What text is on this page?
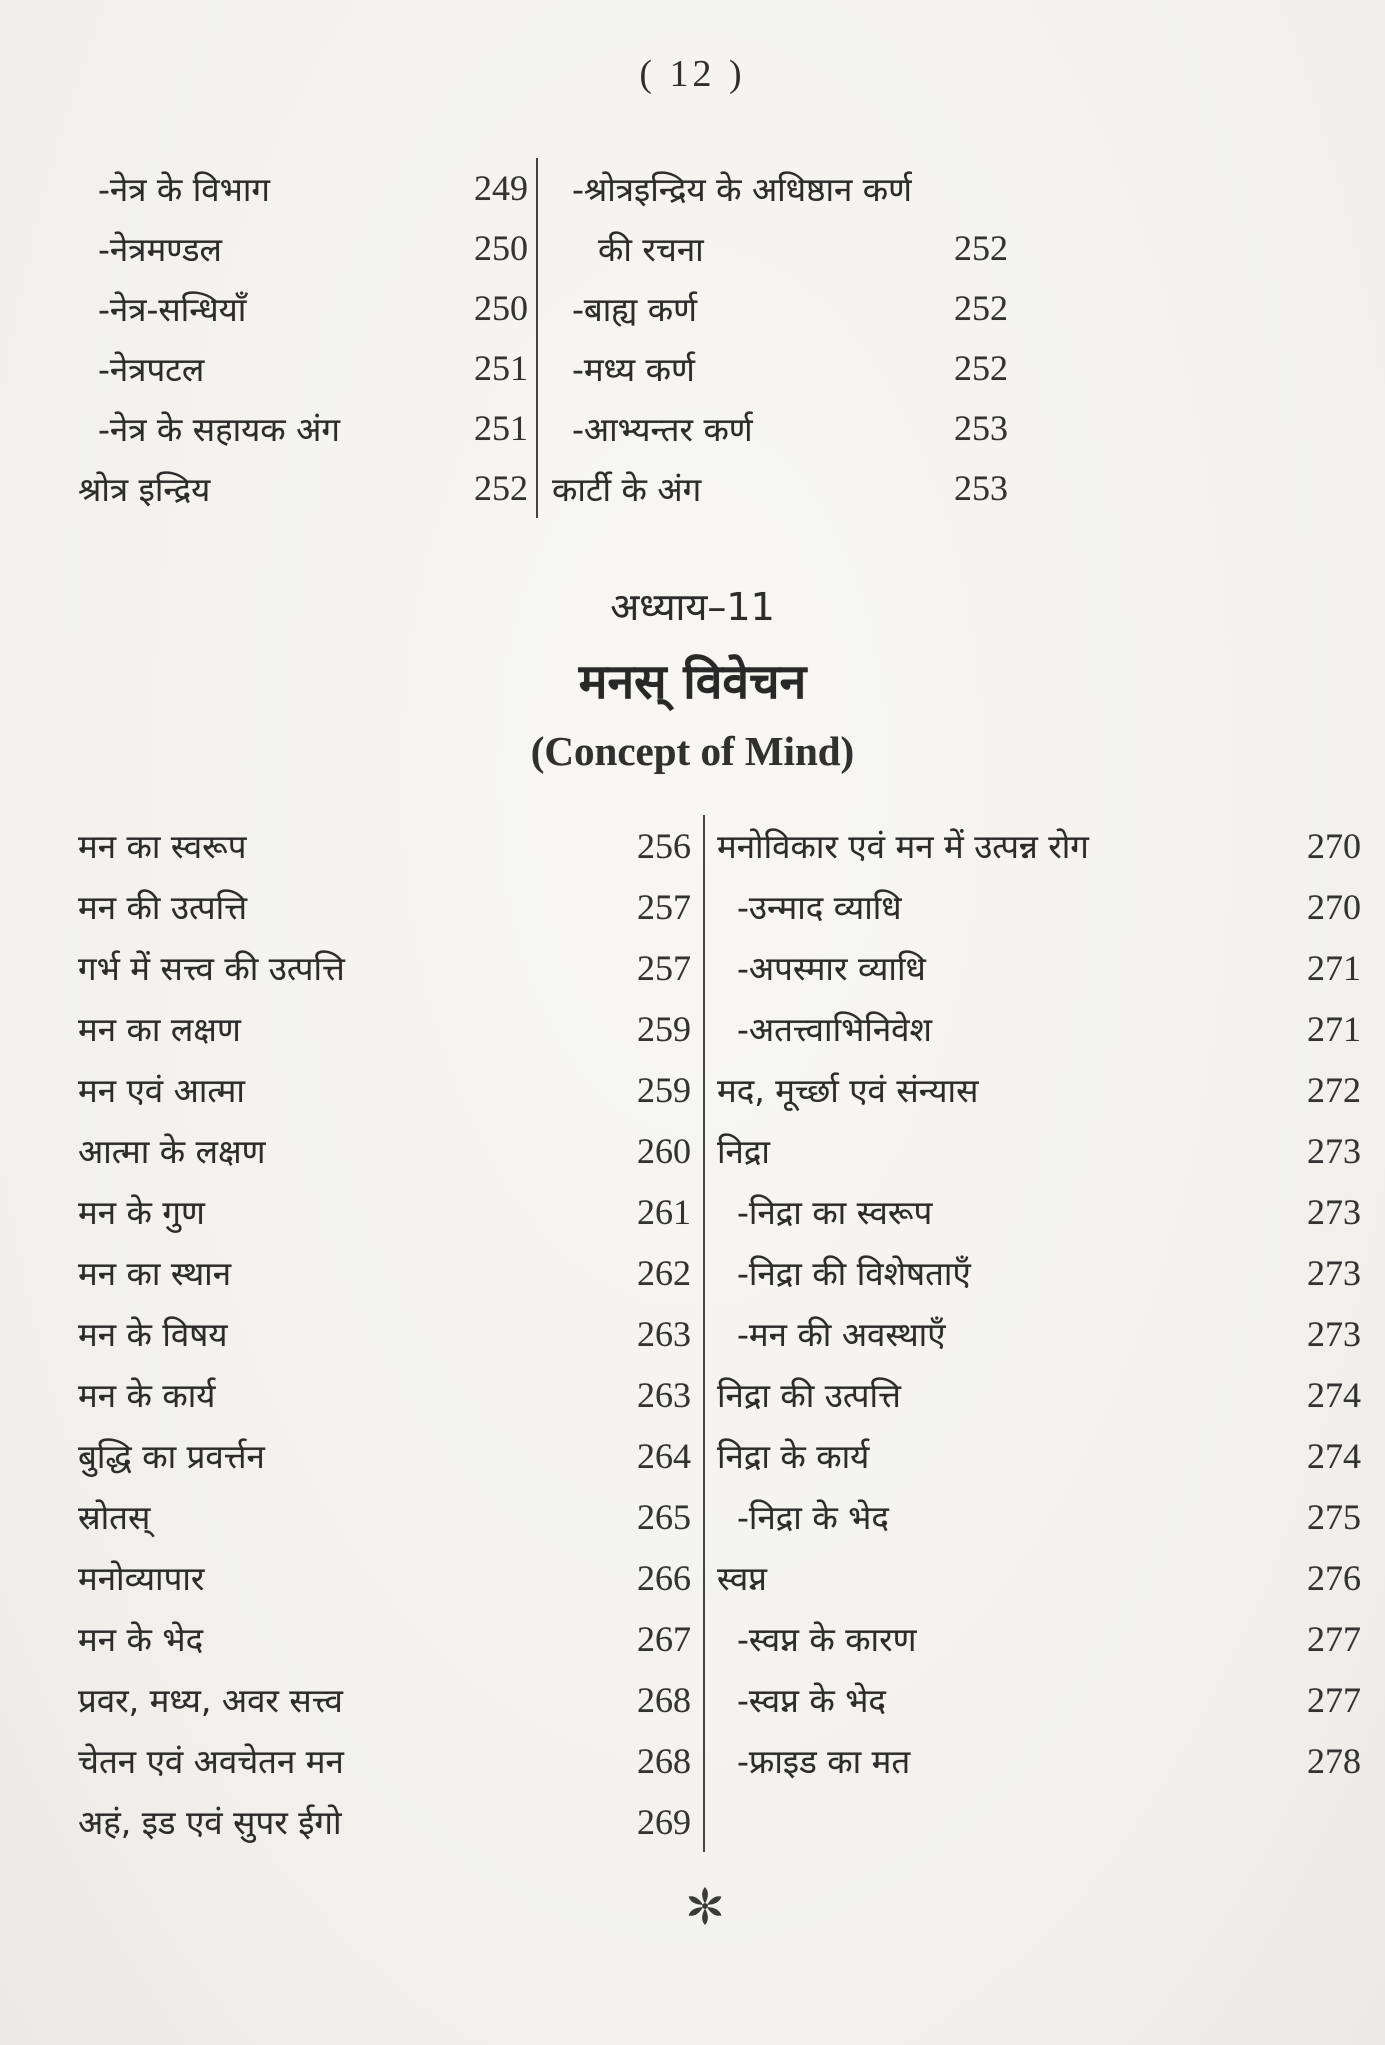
( 12 )
-नेत्र के विभाग	249
-नेत्रमण्डल	250
-नेत्र-सन्धियाँ	250
-नेत्रपटल	251
-नेत्र के सहायक अंग	251
श्रोत्र इन्द्रिय	252
-श्रोत्रइन्द्रिय के अधिष्ठान कर्ण
की रचना	252
-बाह्य कर्ण	252
-मध्य कर्ण	252
-आभ्यन्तर कर्ण	253
कार्टी के अंग	253
अध्याय–11
मनस् विवेचन
(Concept of Mind)
मन का स्वरूप	256
मन की उत्पत्ति	257
गर्भ में सत्त्व की उत्पत्ति	257
मन का लक्षण	259
मन एवं आत्मा	259
आत्मा के लक्षण	260
मन के गुण	261
मन का स्थान	262
मन के विषय	263
मन के कार्य	263
बुद्धि का प्रवर्त्तन	264
स्रोतस्	265
मनोव्यापार	266
मन के भेद	267
प्रवर, मध्य, अवर सत्त्व	268
चेतन एवं अवचेतन मन	268
अहं, इड एवं सुपर ईगो	269
मनोविकार एवं मन में उत्पन्न रोग	270
-उन्माद व्याधि	270
-अपस्मार व्याधि	271
-अतत्त्वाभिनिवेश	271
मद, मूर्च्छा एवं संन्यास	272
निद्रा	273
-निद्रा का स्वरूप	273
-निद्रा की विशेषताएँ	273
-मन की अवस्थाएँ	273
निद्रा की उत्पत्ति	274
निद्रा के कार्य	274
-निद्रा के भेद	275
स्वप्न	276
-स्वप्न के कारण	277
-स्वप्न के भेद	277
-फ्राइड का मत	278
